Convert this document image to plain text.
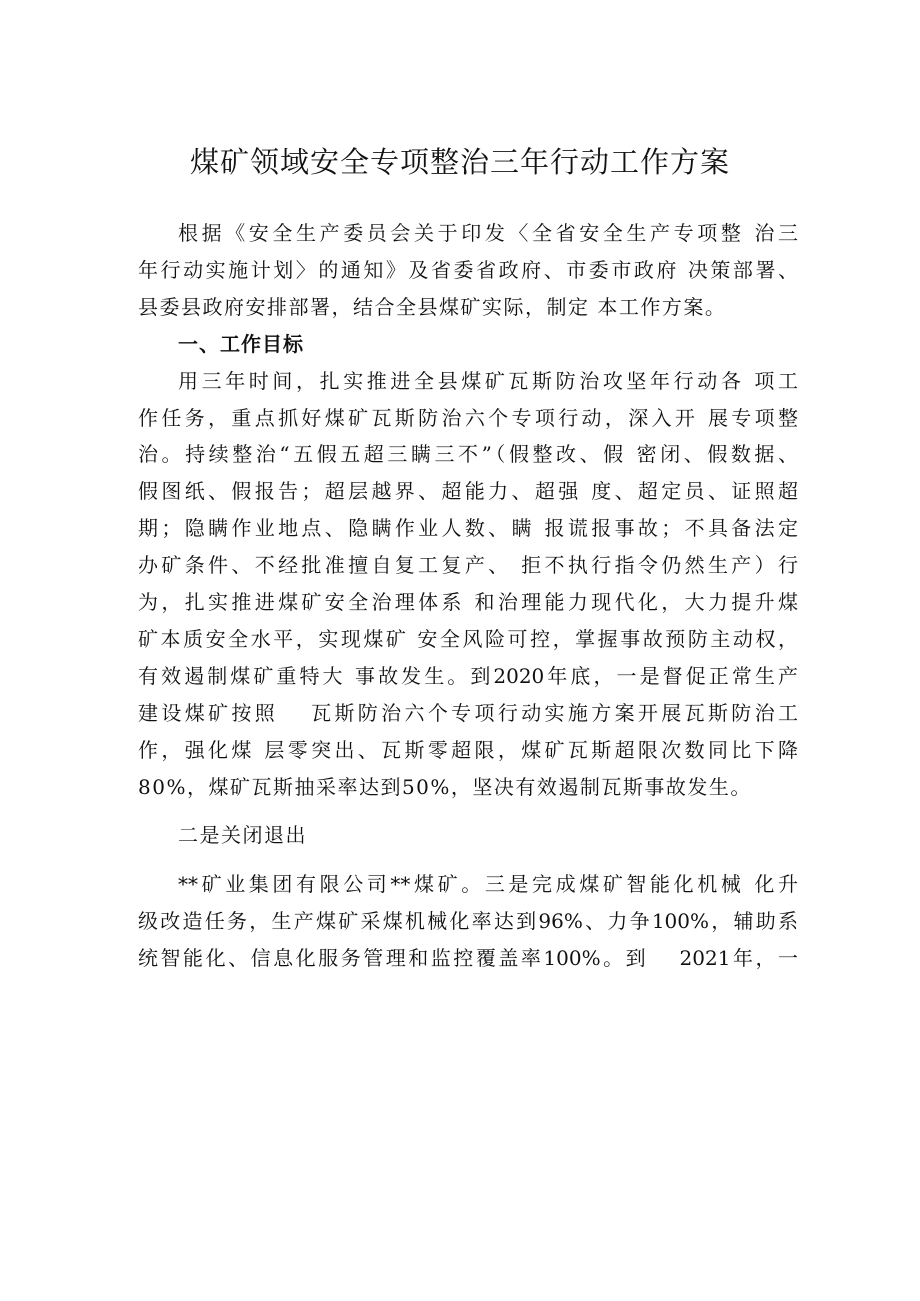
煤矿领域安全专项整治三年行动工作方案
根据《安全生产委员会关于印发〈全省安全生产专项整 治三
年行动实施计划〉的通知》及省委省政府、市委市政府 决策部署、
县委县政府安排部署，结合全县煤矿实际，制定 本工作方案。
一、工作目标
用三年时间，扎实推进全县煤矿瓦斯防治攻坚年行动各 项工
作任务，重点抓好煤矿瓦斯防治六个专项行动，深入开 展专项整
治。持续整治“五假五超三瞒三不”（假整改、假 密闭、假数据、
假图纸、假报告；超层越界、超能力、超强 度、超定员、证照超
期；隐瞒作业地点、隐瞒作业人数、瞒 报谎报事故；不具备法定
办矿条件、不经批准擅自复工复产、 拒不执行指令仍然生产）行
为，扎实推进煤矿安全治理体系 和治理能力现代化，大力提升煤
矿本质安全水平，实现煤矿 安全风险可控，掌握事故预防主动权，
有效遏制煤矿重特大 事故发生。到2020年底，一是督促正常生产
建设煤矿按照　 瓦斯防治六个专项行动实施方案开展瓦斯防治工
作，强化煤 层零突出、瓦斯零超限，煤矿瓦斯超限次数同比下降
80%，煤矿瓦斯抽采率达到50%，坚决有效遏制瓦斯事故发生。
二是关闭退出
**矿业集团有限公司**煤矿。三是完成煤矿智能化机械 化升
级改造任务，生产煤矿采煤机械化率达到96%、力争100%，辅助系
统智能化、信息化服务管理和监控覆盖率100%。到　 2021年，一
